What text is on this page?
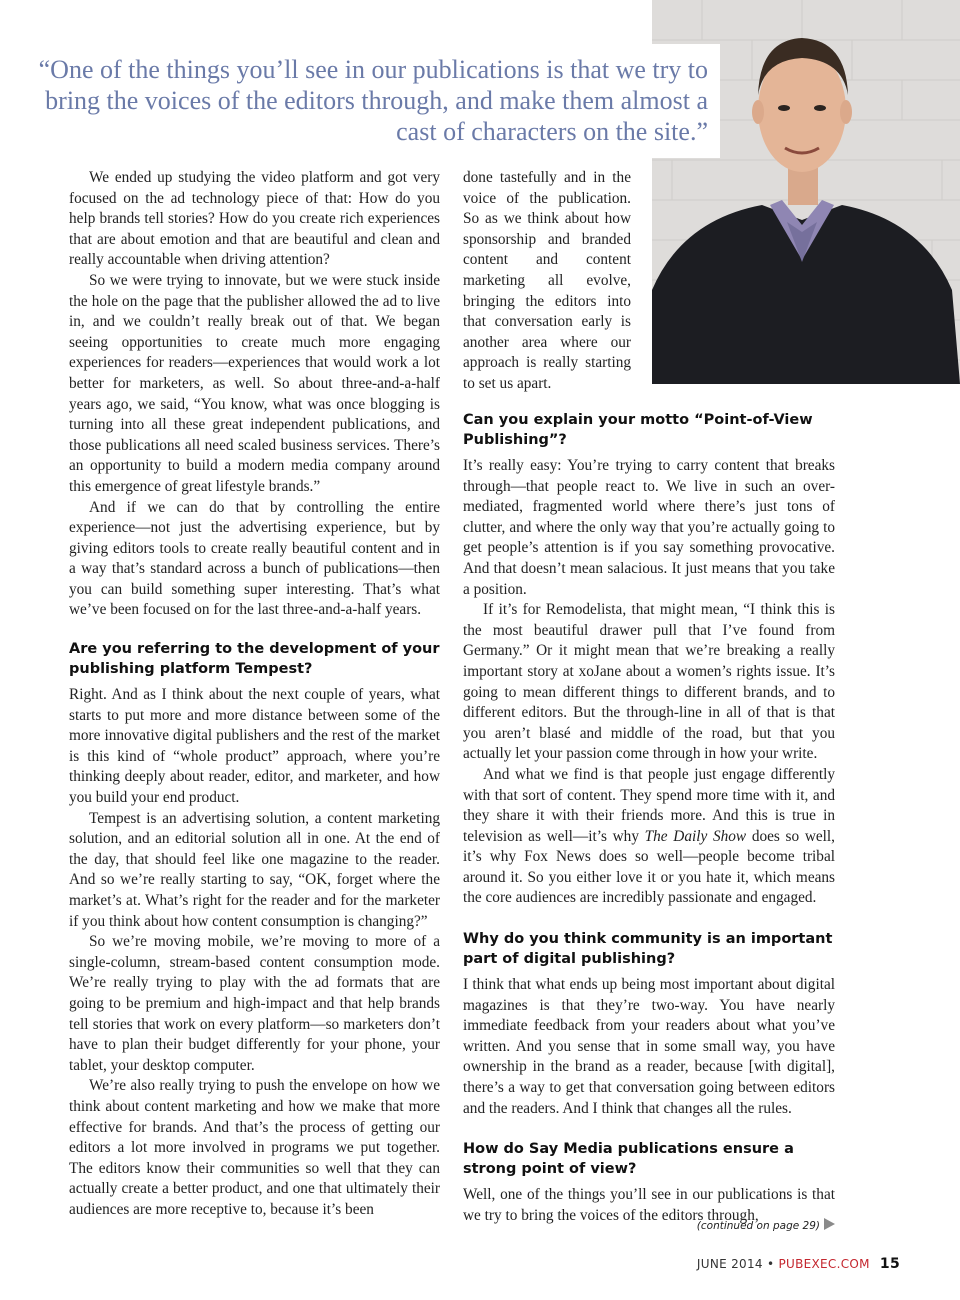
“One of the things you’ll see in our publications is that we try to bring the voices of the editors through, and make them almost a cast of characters on the site.”

We ended up studying the video platform and got very focused on the ad technology piece of that: How do you help brands tell stories? How do you create rich experiences that are about emotion and that are beautiful and clean and really accountable when driving attention?

So we were trying to innovate, but we were stuck inside the hole on the page that the publisher allowed the ad to live in, and we couldn’t really break out of that. We began seeing opportunities to create much more engaging experiences for readers—experiences that would work a lot better for marketers, as well. So about three-and-a-half years ago, we said, “You know, what was once blogging is turning into all these great independent publications, and those publications all need scaled business services. There’s an opportunity to build a modern media company around this emergence of great lifestyle brands.”

And if we can do that by controlling the entire experience—not just the advertising experience, but by giving editors tools to create really beautiful content and in a way that’s standard across a bunch of publications—then you can build something super interesting. That’s what we’ve been focused on for the last three-and-a-half years.

Are you referring to the development of your publishing platform Tempest?

Right. And as I think about the next couple of years, what starts to put more and more distance between some of the more innovative digital publishers and the rest of the market is this kind of “whole product” approach, where you’re thinking deeply about reader, editor, and marketer, and how you build your end product.

Tempest is an advertising solution, a content marketing solution, and an editorial solution all in one. At the end of the day, that should feel like one magazine to the reader. And so we’re really starting to say, “OK, forget where the market’s at. What’s right for the reader and for the marketer if you think about how content consumption is changing?”

So we’re moving mobile, we’re moving to more of a single-column, stream-based content consumption mode. We’re really trying to play with the ad formats that are going to be premium and high-impact and that help brands tell stories that work on every platform—so marketers don’t have to plan their budget differently for your phone, your tablet, your desktop computer.

We’re also really trying to push the envelope on how we think about content marketing and how we make that more effective for brands. And that’s the process of getting our editors a lot more involved in programs we put together. The editors know their communities so well that they can actually create a better product, and one that ultimately their audiences are more receptive to, because it’s been

done tastefully and in the voice of the publication. So as we think about how sponsorship and branded content and content marketing all evolve, bringing the editors into that conversation early is another area where our approach is really starting to set us apart.

Can you explain your motto “Point-of-View Publishing”?

It’s really easy: You’re trying to carry content that breaks through—that people react to. We live in such an over-mediated, fragmented world where there’s just tons of clutter, and where the only way that you’re actually going to get people’s attention is if you say something provocative. And that doesn’t mean salacious. It just means that you take a position.

If it’s for Remodelista, that might mean, “I think this is the most beautiful drawer pull that I’ve found from Germany.” Or it might mean that we’re breaking a really important story at xoJane about a women’s rights issue. It’s going to mean different things to different brands, and to different editors. But the through-line in all of that is that you aren’t blasé and middle of the road, but that you actually let your passion come through in how your write.

And what we find is that people just engage differently with that sort of content. They spend more time with it, and they share it with their friends more. And this is true in television as well—it’s why The Daily Show does so well, it’s why Fox News does so well—people become tribal around it. So you either love it or you hate it, which means the core audiences are incredibly passionate and engaged.

Why do you think community is an important part of digital publishing?

I think that what ends up being most important about digital magazines is that they’re two-way. You have nearly immediate feedback from your readers about what you’ve written. And you sense that in some small way, you have ownership in the brand as a reader, because [with digital], there’s a way to get that conversation going between editors and the readers. And I think that changes all the rules.

How do Say Media publications ensure a strong point of view?

Well, one of the things you’ll see in our publications is that we try to bring the voices of the editors through,

(continued on page 29)
JUNE 2014 • PUBEXEC.COM 15
